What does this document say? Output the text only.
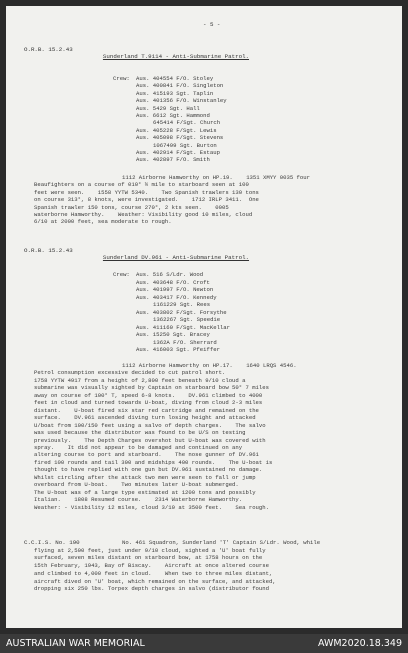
- 5 -
O.R.B. 15.2.43

Sunderland T.9114 - Anti-Submarine Patrol.

Crew: Aus. 404554 F/O. Stoley
Aus. 400841 F/O. Singleton
Aus. 415193 Sgt. Taplin
Aus. 401356 F/O. Winstanley
Aus. 5429 Sgt. Hall
Aus. 6612 Sgt. Hammond
645414 F/Sgt. Church
Aus. 405228 F/Sgt. Lewis
Aus. 405098 F/Sgt. Stevens
1067499 Sgt. Burton
Aus. 402914 F/Sgt. Estaup
Aus. 402897 F/O. Smith
1112 Airborne Hamworthy on HP.19.    1351 XMYY 0035 four
Beaufighters on a course of 010° ½ mile to starboard seen at 100
feet were seen.    1558 YYTW 5340.    Two Spanish trawlers 130 tons
on course 313°, 8 knots, were investigated.    1712 IRLP 3411.  One
Spanish trawler 150 tons, course 270°, 2 kts seen.    0005
waterborne Hamworthy.    Weather: Visibility good 10 miles, cloud
6/10 at 2000 feet, sea moderate to rough.
O.R.B. 15.2.43

Sunderland DV.961 - Anti-Submarine Patrol.

Crew: Aus. 516 S/Ldr. Wood
Aus. 403648 F/O. Croft
Aus. 401997 F/O. Newton
Aus. 403417 F/O. Kennedy
1161229 Sgt. Rees
Aus. 403802 F/Sgt. Forsythe
1362267 Sgt. Speedie
Aus. 411160 F/Sgt. MacKellar
Aus. 15250 Sgt. Bracey
1362A F/O. Sherrard
Aus. 416003 Sgt. Pfeiffer
1112 Airborne Hamworthy on HP.17.    1640 LRQS 4546.
Petrol consumption excessive decided to cut patrol short.
1758 YYTW 4917 from a height of 2,800 feet beneath 9/10 cloud a
submarine was visually sighted by Captain on starboard bow 50° 7 miles
away on course of 100° T, speed 6-8 knots.    DV.961 climbed to 4000
feet in cloud and turned towards U-boat, diving from cloud 2-3 miles
distant.    U-boat fired six star red cartridge and remained on the
surface.    DV.961 ascended diving turn losing height and attacked
U/boat from 100/150 feet using a salvo of depth charges.    The salvo
was used because the distributor was found to be U/S on testing
previously.    The Depth Charges overshot but U-boat was covered with
spray.    It did not appear to be damaged and continued on any
altering course to port and starboard.    The nose gunner of DV.961
fired 100 rounds and tail 300 and midships 400 rounds.    The U-boat is
thought to have replied with one gun but DV.961 sustained no damage.
Whilst circling after the attack two men were seen to fall or jump
overboard from U-boat.    Two minutes later U-boat submerged.
The U-boat was of a large type estimated at 1200 tons and possibly
Italian.    1808 Resumed course.    2314 Waterborne Hamworthy.
Weather: - Visibility 12 miles, cloud 3/10 at 3500 feet.    Sea rough.
C.C.I.S. No. 190	No. 461 Squadron, Sunderland 'T' Captain S/Ldr. Wood, while
flying at 2,500 feet, just under 9/10 cloud, sighted a 'U' boat fully
surfaced, seven miles distant on starboard bow, at 1758 hours on the
15th February, 1943, Bay of Biscay.    Aircraft at once altered course
and climbed to 4,000 feet in cloud.    When two to three miles distant,
aircraft dived on 'U' boat, which remained on the surface, and attacked,
dropping six 250 lbs. Torpex depth charges in salvo (distributor found
AUSTRALIAN WAR MEMORIAL	AWM2020.18.349
